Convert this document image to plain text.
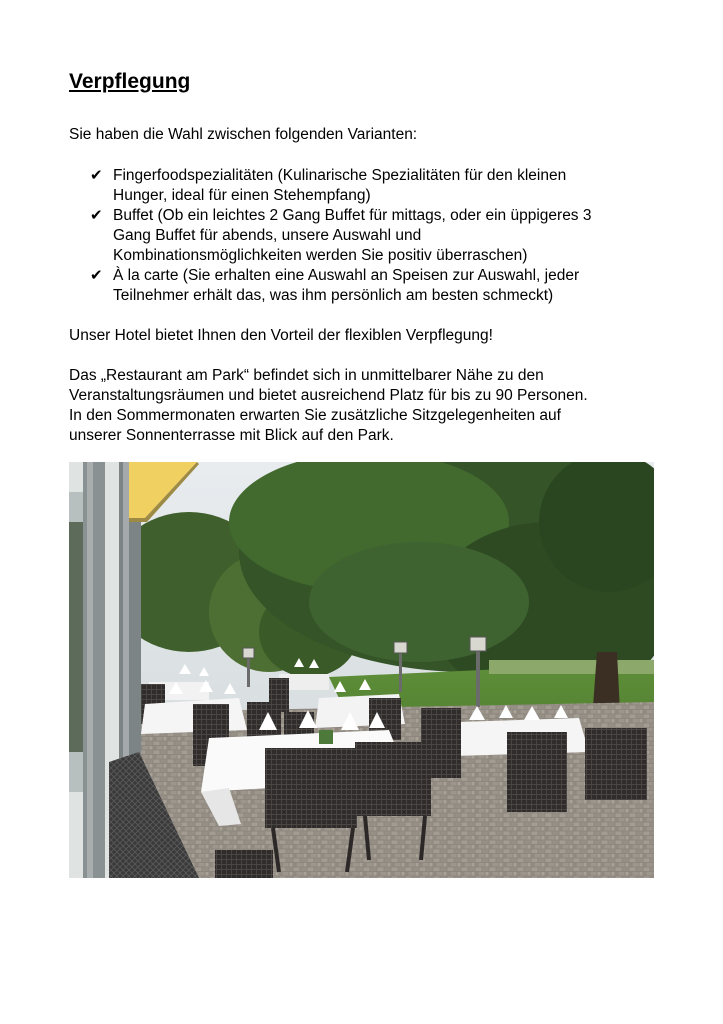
Verpflegung

Sie haben die Wahl zwischen folgenden Varianten:

✔ Fingerfoodspezialitäten (Kulinarische Spezialitäten für den kleinen
Hunger, ideal für einen Stehempfang)
✔ Buffet (Ob ein leichtes 2 Gang Buffet für mittags, oder ein üppigeres 3
Gang Buffet für abends, unsere Auswahl und
Kombinationsmöglichkeiten werden Sie positiv überraschen)
✔ À la carte (Sie erhalten eine Auswahl an Speisen zur Auswahl, jeder
Teilnehmer erhält das, was ihm persönlich am besten schmeckt)

Unser Hotel bietet Ihnen den Vorteil der flexiblen Verpflegung!

Das „Restaurant am Park“ befindet sich in unmittelbarer Nähe zu den
Veranstaltungsräumen und bietet ausreichend Platz für bis zu 90 Personen.
In den Sommermonaten erwarten Sie zusätzliche Sitzgelegenheiten auf
unserer Sonnenterrasse mit Blick auf den Park.
